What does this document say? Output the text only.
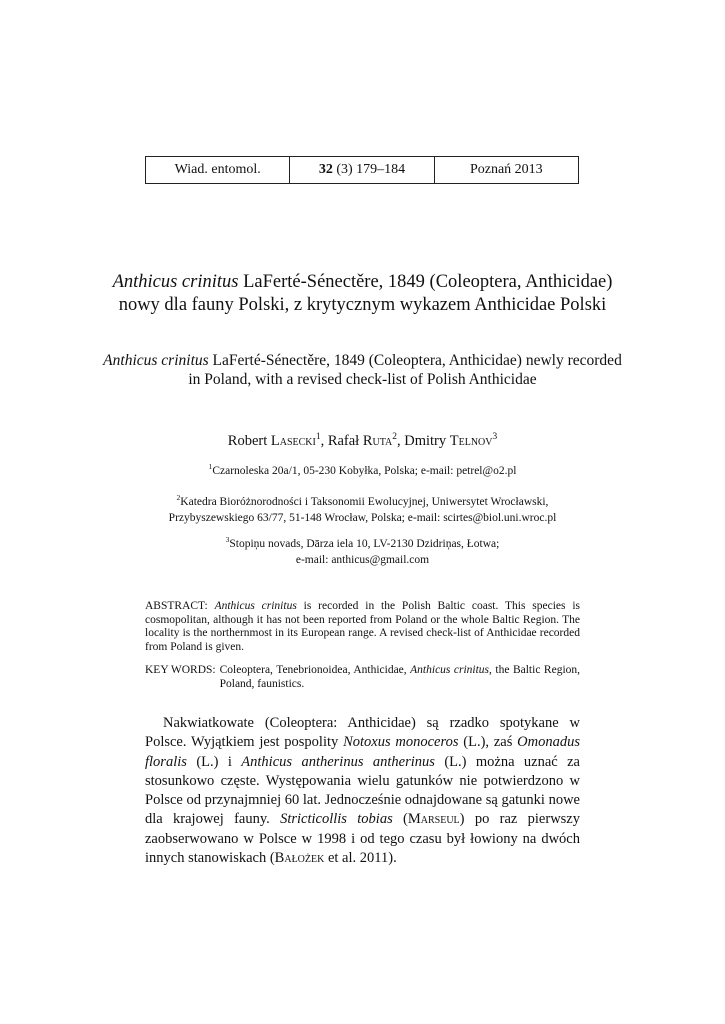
Wiad. entomol.	32
(3) 179–184	Poznań 2013
Anthicus crinitus LaFerté-Sénectěre, 1849 (Coleoptera, Anthicidae) nowy dla fauny Polski, z krytycznym wykazem Anthicidae Polski
Anthicus crinitus LaFerté-Sénectěre, 1849 (Coleoptera, Anthicidae) newly recorded in Poland, with a revised check-list of Polish Anthicidae
Robert Lasecki$^1$, Rafał Ruta$^2$, Dmitry Telnov$^3$
$^1$Czarnoleska 20a/1, 05-230 Kobyłka, Polska; e-mail: petrel@o2.pl
$^2$Katedra Bioróżnorodności i Taksonomii Ewolucyjnej, Uniwersytet Wrocławski,
Przybyszewskiego 63/77, 51-148 Wrocław, Polska; e-mail: scirtes@biol.uni.wroc.pl
$^3$Stopiņu novads, Dārza iela 10, LV-2130 Dzidriņas, Łotwa;
e-mail: anthicus@gmail.com
ABSTRACT: Anthicus crinitus is recorded in the Polish Baltic coast. This species is cosmopolitan, although it has not been reported from Poland or the whole Baltic Region. The locality is the northernmost in its European range. A revised check-list of Anthicidae recorded from Poland is given.
KEY WORDS: Coleoptera, Tenebrionoidea, Anthicidae, Anthicus crinitus, the Baltic Region, Poland, faunistics.
Nakwiatkowate (Coleoptera: Anthicidae) są rzadko spotykane w Polsce. Wyjątkiem jest pospolity Notoxus monoceros (L.), zaś Omonadus floralis (L.) i Anthicus antherinus antherinus (L.) można uznać za stosunkowo częste. Występowania wielu gatunków nie potwierdzono w Polsce od przynajmniej 60 lat. Jednocześnie odnajdowane są gatunki nowe dla krajowej fauny. Stricticollis tobias (Marseul) po raz pierwszy zaobserwowano w Polsce w 1998 i od tego czasu był łowiony na dwóch innych stanowiskach (Bałożek et al. 2011).
